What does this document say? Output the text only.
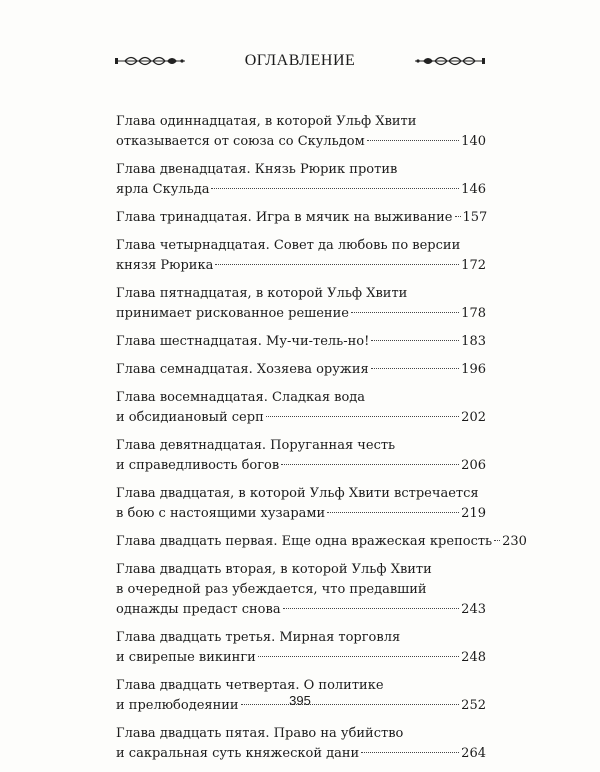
ОГЛАВЛЕНИЕ
Глава одиннадцатая, в которой Ульф Хвити
отказывается от союза со Скульдом	140
Глава двенадцатая. Князь Рюрик против
ярла Скульда	146
Глава тринадцатая. Игра в мячик на выживание 157
Глава четырнадцатая. Совет да любовь по версии
князя Рюрика	172
Глава пятнадцатая, в которой Ульф Хвити
принимает рискованное решение	178
Глава шестнадцатая. Му-чи-тель-но!	183
Глава семнадцатая. Хозяева оружия	196
Глава восемнадцатая. Сладкая вода
и обсидиановый серп	202
Глава девятнадцатая. Поруганная честь
и справедливость богов	206
Глава двадцатая, в которой Ульф Хвити встречается
в бою с настоящими хузарами	219
Глава двадцать первая. Еще одна вражеская крепость 230
Глава двадцать вторая, в которой Ульф Хвити
в очередной раз убеждается, что предавший
однажды предаст снова	243
Глава двадцать третья. Мирная торговля
и свирепые викинги	248
Глава двадцать четвертая. О политике
и прелюбодеянии	252
Глава двадцать пятая. Право на убийство
и сакральная суть княжеской дани	264
395
